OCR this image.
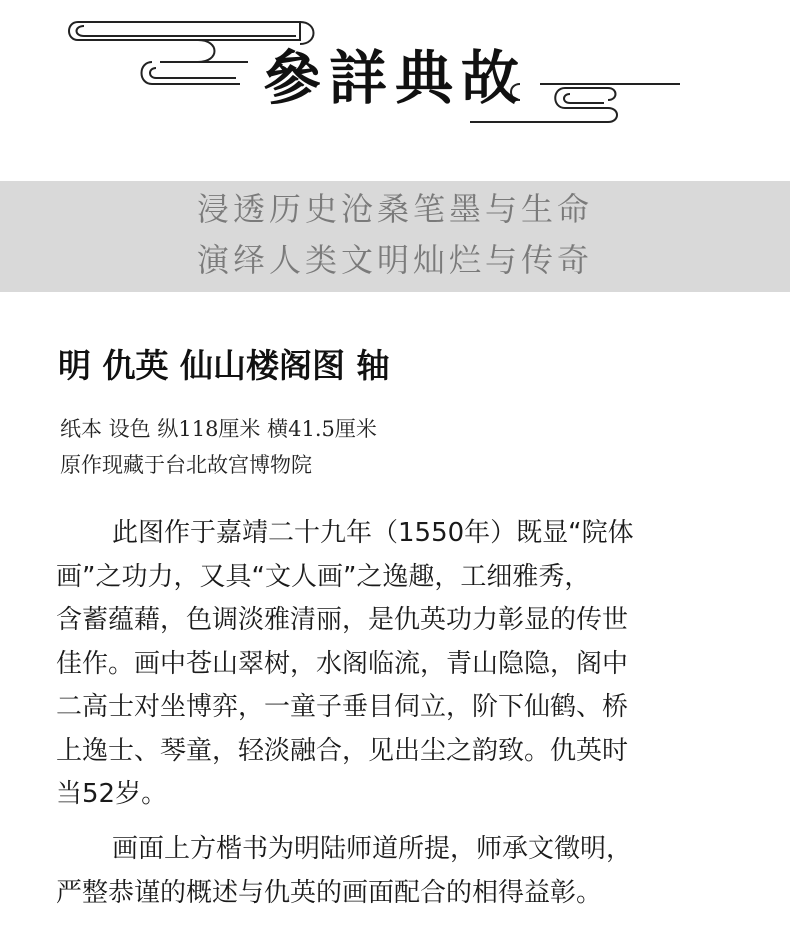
參詳典故
浸透历史沧桑笔墨与生命
演绎人类文明灿烂与传奇
明 仇英 仙山楼阁图 轴
纸本 设色 纵118厘米 横41.5厘米
原作现藏于台北故宫博物院
此图作于嘉靖二十九年（1550年）既显“院体
画”之功力，又具“文人画”之逸趣，工细雅秀，
含蓄蕴藉，色调淡雅清丽，是仇英功力彰显的传世
佳作。画中苍山翠树，水阁临流，青山隐隐，阁中
二高士对坐博弈，一童子垂目伺立，阶下仙鹤、桥
上逸士、琴童，轻淡融合，见出尘之韵致。仇英时
当52岁。
画面上方楷书为明陆师道所提，师承文徵明，
严整恭谨的概述与仇英的画面配合的相得益彰。
